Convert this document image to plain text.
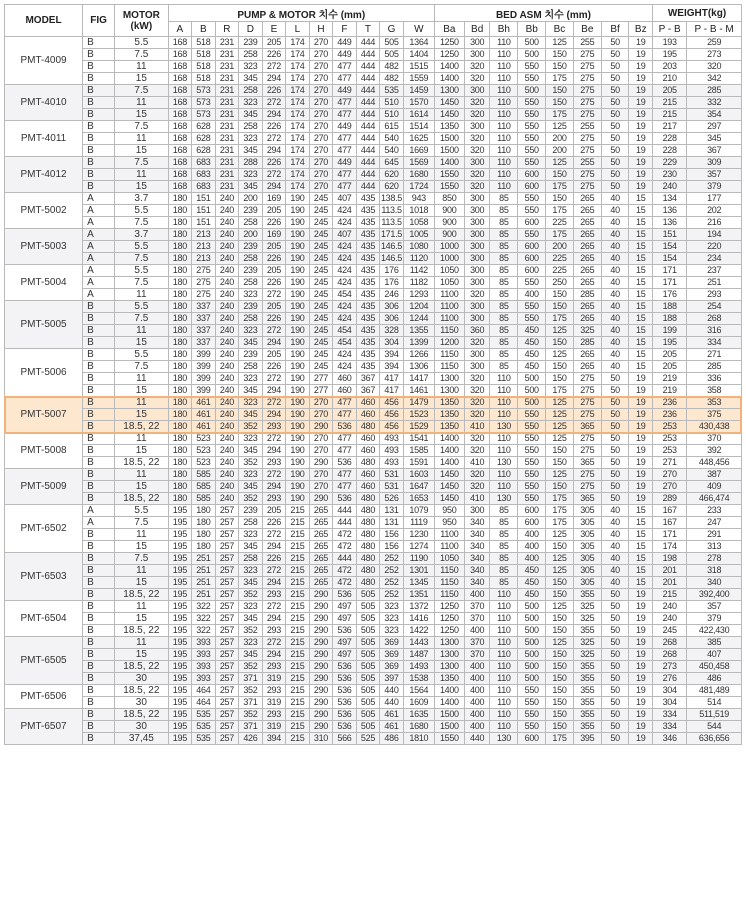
MODEL	FIG	MOTOR
(kW)	PUMP & MOTOR 치수 (mm)											BED ASM 치수 (mm)								WEIGHT(kg)	
			A	B	R	D	E	L	H	F	T	G	W	Ba	Bd	Bh	Bb	Bc	Be	Bf	Bz	P - B	P - B - M
PMT-4009	B	5.5	168	518	231	239	205	174	270	449	444	505	1364	1250	300	110	500	125	255	50	19	193	259
	B	7.5	168	518	231	258	226	174	270	449	444	505	1404	1250	300	110	500	150	275	50	19	195	273
	B	11	168	518	231	323	272	174	270	477	444	482	1515	1400	320	110	550	150	275	50	19	203	320
	B	15	168	518	231	345	294	174	270	477	444	482	1559	1400	320	110	550	175	275	50	19	210	342
PMT-4010	B	7.5	168	573	231	258	226	174	270	449	444	535	1459	1300	300	110	500	150	275	50	19	205	285
	B	11	168	573	231	323	272	174	270	477	444	510	1570	1450	320	110	550	150	275	50	19	215	332
	B	15	168	573	231	345	294	174	270	477	444	510	1614	1450	320	110	550	175	275	50	19	215	354
PMT-4011	B	7.5	168	628	231	258	226	174	270	449	444	615	1514	1350	300	110	550	125	255	50	19	217	297
	B	11	168	628	231	323	272	174	270	477	444	540	1625	1500	320	110	550	200	275	50	19	228	345
	B	15	168	628	231	345	294	174	270	477	444	540	1669	1500	320	110	550	200	275	50	19	228	367
PMT-4012	B	7.5	168	683	231	288	226	174	270	449	444	645	1569	1400	300	110	550	125	255	50	19	229	309
	B	11	168	683	231	323	272	174	270	477	444	620	1680	1550	320	110	600	150	275	50	19	230	357
	B	15	168	683	231	345	294	174	270	477	444	620	1724	1550	320	110	600	175	275	50	19	240	379
PMT-5002	A	3.7	180	151	240	200	169	190	245	407	435	138.5	943	850	300	85	550	150	265	40	15	134	177
	A	5.5	180	151	240	239	205	190	245	424	435	113.5	1018	900	300	85	550	175	265	40	15	136	202
	A	7.5	180	151	240	258	226	190	245	424	435	113.5	1058	900	300	85	600	225	265	40	15	136	216
PMT-5003	A	3.7	180	213	240	200	169	190	245	407	435	171.5	1005	900	300	85	550	175	265	40	15	151	194
	A	5.5	180	213	240	239	205	190	245	424	435	146.5	1080	1000	300	85	600	200	265	40	15	154	220
	A	7.5	180	213	240	258	226	190	245	424	435	146.5	1120	1000	300	85	600	225	265	40	15	154	234
PMT-5004	A	5.5	180	275	240	239	205	190	245	424	435	176	1142	1050	300	85	600	225	265	40	15	171	237
	A	7.5	180	275	240	258	226	190	245	424	435	176	1182	1050	300	85	550	250	265	40	15	171	251
	A	11	180	275	240	323	272	190	245	454	435	246	1293	1100	320	85	400	150	285	40	15	176	293
PMT-5005	B	5.5	180	337	240	239	205	190	245	424	435	306	1204	1100	300	85	550	150	265	40	15	188	254
	B	7.5	180	337	240	258	226	190	245	424	435	306	1244	1100	300	85	550	175	265	40	15	188	268
	B	11	180	337	240	323	272	190	245	454	435	328	1355	1150	360	85	450	125	325	40	15	199	316
	B	15	180	337	240	345	294	190	245	454	435	304	1399	1200	320	85	450	150	285	40	15	195	334
PMT-5006	B	5.5	180	399	240	239	205	190	245	424	435	394	1266	1150	300	85	450	125	265	40	15	205	271
	B	7.5	180	399	240	258	226	190	245	424	435	394	1306	1150	300	85	450	150	265	40	15	205	285
	B	11	180	399	240	323	272	190	277	460	367	417	1417	1300	320	110	500	150	275	50	19	219	336
	B	15	180	399	240	345	294	190	277	460	367	417	1461	1300	320	110	500	175	275	50	19	219	358
PMT-5007	B	11	180	461	240	323	272	190	270	477	460	456	1479	1350	320	110	500	125	275	50	19	236	353
	B	15	180	461	240	345	294	190	270	477	460	456	1523	1350	320	110	550	125	275	50	19	236	375
	B	18.5, 22	180	461	240	352	293	190	290	536	480	456	1529	1350	410	130	550	125	365	50	19	253	430,438
PMT-5008	B	11	180	523	240	323	272	190	270	477	460	493	1541	1400	320	110	550	125	275	50	19	253	370
	B	15	180	523	240	345	294	190	270	477	460	493	1585	1400	320	110	550	150	275	50	19	253	392
	B	18.5, 22	180	523	240	352	293	190	290	536	480	493	1591	1400	410	130	550	150	365	50	19	271	448,456
PMT-5009	B	11	180	585	240	323	272	190	270	477	460	531	1603	1450	320	110	550	125	275	50	19	270	387
	B	15	180	585	240	345	294	190	270	477	460	531	1647	1450	320	110	550	150	275	50	19	270	409
	B	18.5, 22	180	585	240	352	293	190	290	536	480	526	1653	1450	410	130	550	175	365	50	19	289	466,474
PMT-6502	A	5.5	195	180	257	239	205	215	265	444	480	131	1079	950	300	85	600	175	305	40	15	167	233
	A	7.5	195	180	257	258	226	215	265	444	480	131	1119	950	340	85	600	175	305	40	15	167	247
	B	11	195	180	257	323	272	215	265	472	480	156	1230	1100	340	85	400	125	305	40	15	171	291
	B	15	195	180	257	345	294	215	265	472	480	156	1274	1100	340	85	400	150	305	40	15	174	313
PMT-6503	B	7.5	195	251	257	258	226	215	265	444	480	252	1190	1050	340	85	400	125	305	40	15	198	278
	B	11	195	251	257	323	272	215	265	472	480	252	1301	1150	340	85	450	125	305	40	15	201	318
	B	15	195	251	257	345	294	215	265	472	480	252	1345	1150	340	85	450	150	305	40	15	201	340
	B	18.5, 22	195	251	257	352	293	215	290	536	505	252	1351	1150	400	110	450	150	355	50	19	215	392,400
PMT-6504	B	11	195	322	257	323	272	215	290	497	505	323	1372	1250	370	110	500	125	325	50	19	240	357
	B	15	195	322	257	345	294	215	290	497	505	323	1416	1250	370	110	500	150	325	50	19	240	379
	B	18.5, 22	195	322	257	352	293	215	290	536	505	323	1422	1250	400	110	500	150	355	50	19	245	422,430
PMT-6505	B	11	195	393	257	323	272	215	290	497	505	369	1443	1300	370	110	500	125	325	50	19	268	385
	B	15	195	393	257	345	294	215	290	497	505	369	1487	1300	370	110	500	150	325	50	19	268	407
	B	18.5, 22	195	393	257	352	293	215	290	536	505	369	1493	1300	400	110	500	150	355	50	19	273	450,458
	B	30	195	393	257	371	319	215	290	536	505	397	1538	1350	400	110	500	150	355	50	19	276	486
PMT-6506	B	18.5, 22	195	464	257	352	293	215	290	536	505	440	1564	1400	400	110	550	150	355	50	19	304	481,489
	B	30	195	464	257	371	319	215	290	536	505	440	1609	1400	400	110	550	150	355	50	19	304	514
PMT-6507	B	18.5, 22	195	535	257	352	293	215	290	536	505	461	1635	1500	400	110	550	150	355	50	19	334	511,519
	B	30	195	535	257	371	319	215	290	536	505	461	1680	1500	400	110	550	150	355	50	19	334	544
	B	37,45	195	535	257	426	394	215	310	566	525	486	1810	1550	440	130	600	175	395	50	19	346	636,656
